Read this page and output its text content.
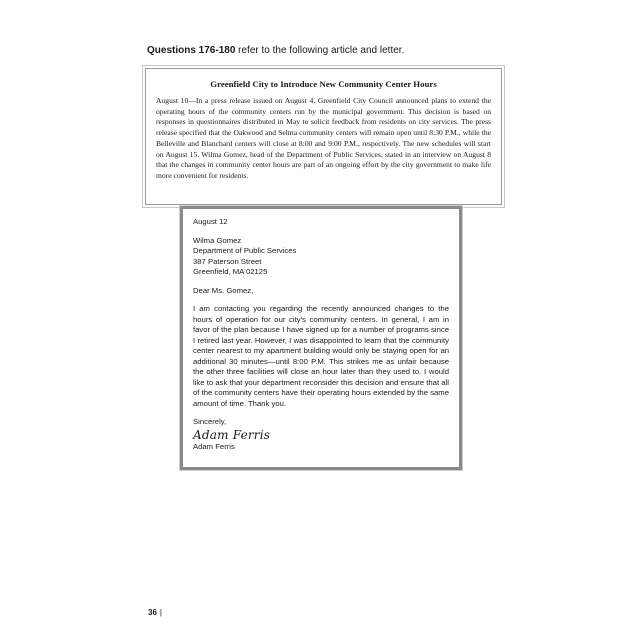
Questions 176-180 refer to the following article and letter.
Greenfield City to Introduce New Community Center Hours

August 10—In a press release issued on August 4, Greenfield City Council announced plans to extend the operating hours of the community centers run by the municipal government. This decision is based on responses in questionnaires distributed in May to solicit feedback from residents on city services. The press release specified that the Oakwood and Selma community centers will remain open until 8:30 P.M., while the Belleville and Blanchard centers will close at 8:00 and 9:00 P.M., respectively. The new schedules will start on August 15. Wilma Gomez, head of the Department of Public Services, stated in an interview on August 8 that the changes in community center hours are part of an ongoing effort by the city government to make life more convenient for residents.

August 12

Wilma Gomez

Department of Public Services

387 Paterson Street

Greenfield, MA 02125

Dear Ms. Gomez,

I am contacting you regarding the recently announced changes to the hours of operation for our city's community centers. In general, I am in favor of the plan because I have signed up for a number of programs since I retired last year. However, I was disappointed to learn that the community center nearest to my apartment building would only be staying open for an additional 30 minutes—until 8:00 P.M. This strikes me as unfair because the other three facilities will close an hour later than they used to. I would like to ask that your department reconsider this decision and ensure that all of the community centers have their operating hours extended by the same amount of time. Thank you.

Sincerely,

Adam Ferris

Adam Ferris

36 |
